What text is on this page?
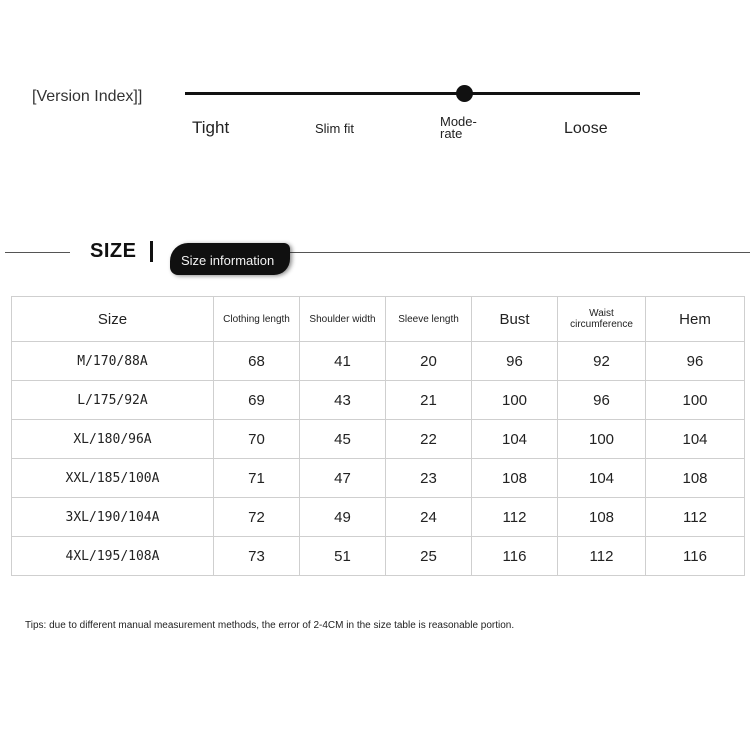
[Version Index]]
Tight	Slim fit	Mode-
rate	Loose
SIZE	Size information
Size	Clothing length	Shoulder width	Sleeve length	Bust	Waist circumference	Hem
M/170/88A	68	41	20	96	92	96
L/175/92A	69	43	21	100	96	100
XL/180/96A	70	45	22	104	100	104
XXL/185/100A	71	47	23	108	104	108
3XL/190/104A	72	49	24	112	108	112
4XL/195/108A	73	51	25	116	112	116
Tips: due to different manual measurement methods, the error of 2-4CM in the size table is reasonable portion.
